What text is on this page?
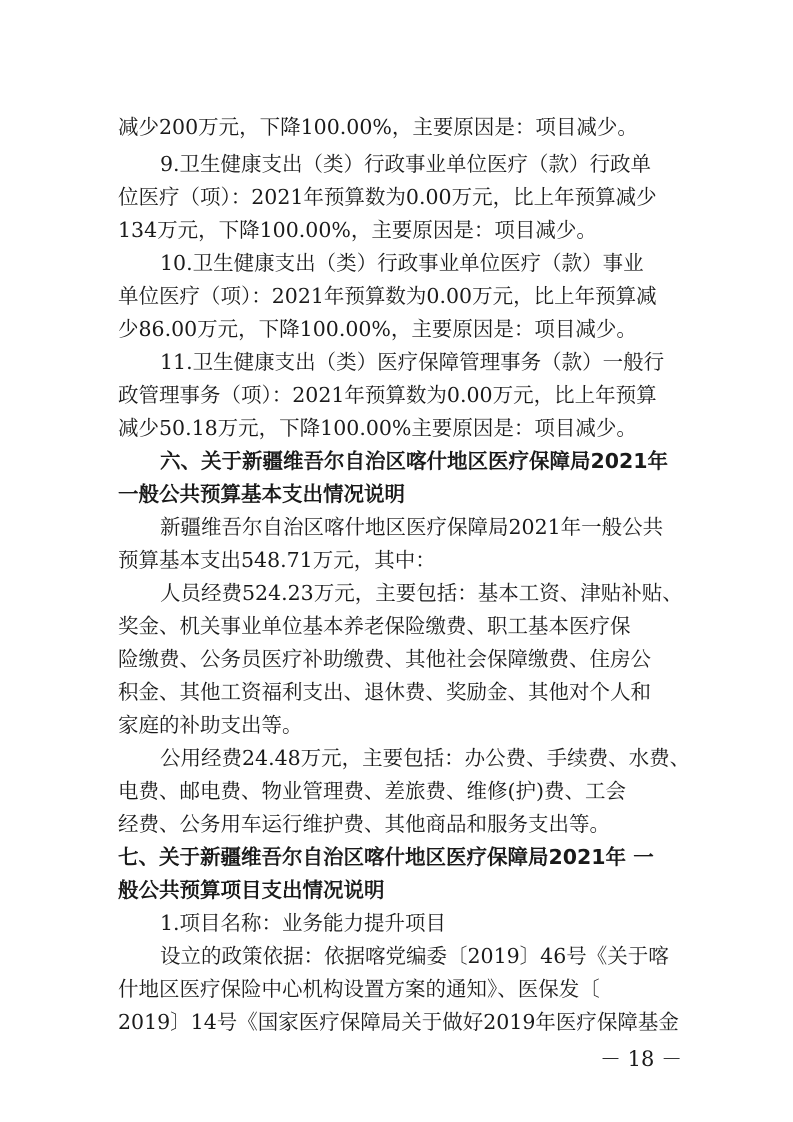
减少200万元，下降100.00%，主要原因是：项目减少。
9.卫生健康支出（类）行政事业单位医疗（款）行政单
位医疗（项）：2021年预算数为0.00万元，比上年预算减少
134万元，下降100.00%，主要原因是：项目减少。
10.卫生健康支出（类）行政事业单位医疗（款）事业
单位医疗（项）：2021年预算数为0.00万元，比上年预算减
少86.00万元，下降100.00%，主要原因是：项目减少。
11.卫生健康支出（类）医疗保障管理事务（款）一般行
政管理事务（项）：2021年预算数为0.00万元，比上年预算
减少50.18万元，下降100.00%主要原因是：项目减少。
六、关于新疆维吾尔自治区喀什地区医疗保障局2021年
一般公共预算基本支出情况说明
新疆维吾尔自治区喀什地区医疗保障局2021年一般公共
预算基本支出548.71万元，其中：
人员经费524.23万元，主要包括：基本工资、津贴补贴、
奖金、机关事业单位基本养老保险缴费、职工基本医疗保
险缴费、公务员医疗补助缴费、其他社会保障缴费、住房公
积金、其他工资福利支出、退休费、奖励金、其他对个人和
家庭的补助支出等。
公用经费24.48万元，主要包括：办公费、手续费、水费、
电费、邮电费、物业管理费、差旅费、维修(护)费、工会
经费、公务用车运行维护费、其他商品和服务支出等。
七、关于新疆维吾尔自治区喀什地区医疗保障局2021年 一
般公共预算项目支出情况说明
1.项目名称：业务能力提升项目
设立的政策依据：依据喀党编委〔2019〕46号《关于喀
什地区医疗保险中心机构设置方案的通知》、医保发〔
2019〕14号《国家医疗保障局关于做好2019年医疗保障基金
－ 18 －
